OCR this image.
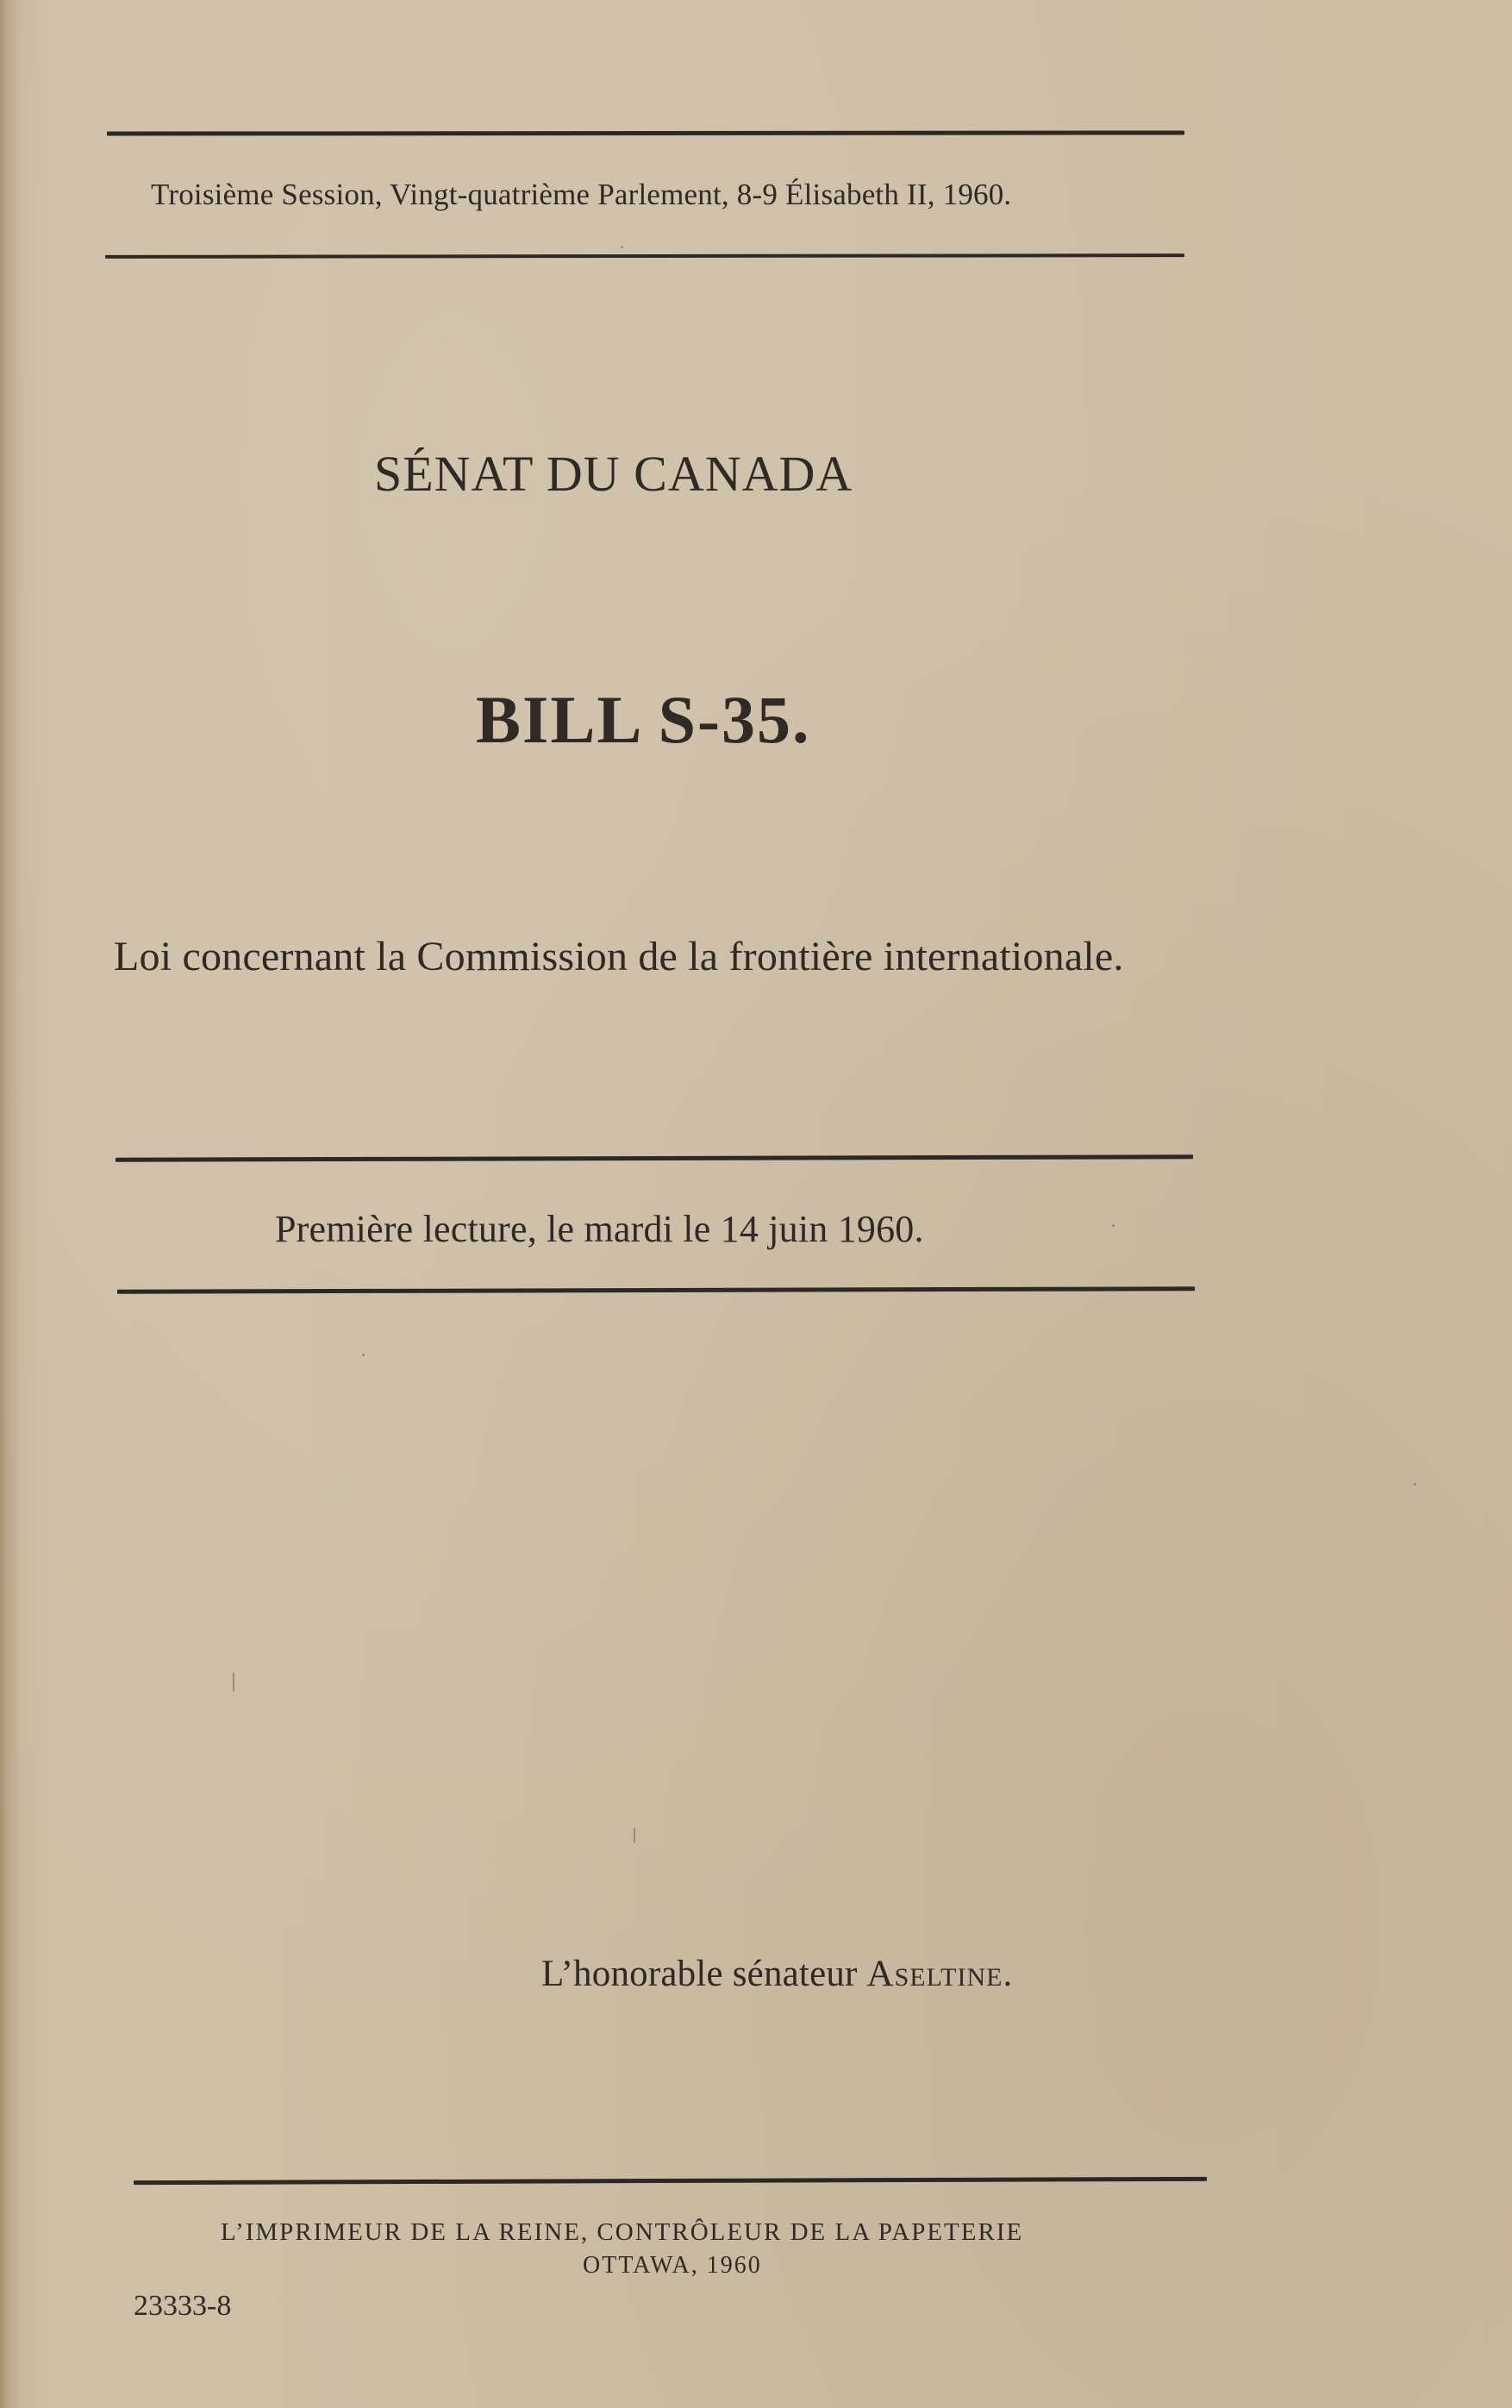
Troisième Session, Vingt-quatrième Parlement, 8-9 Élisabeth II, 1960.
SÉNAT DU CANADA
BILL S-35.
Loi concernant la Commission de la frontière internationale.
Première lecture, le mardi le 14 juin 1960.
L’honorable sénateur Aseltine.
L’IMPRIMEUR DE LA REINE, CONTRÔLEUR DE LA PAPETERIE
OTTAWA, 1960
23333-8
